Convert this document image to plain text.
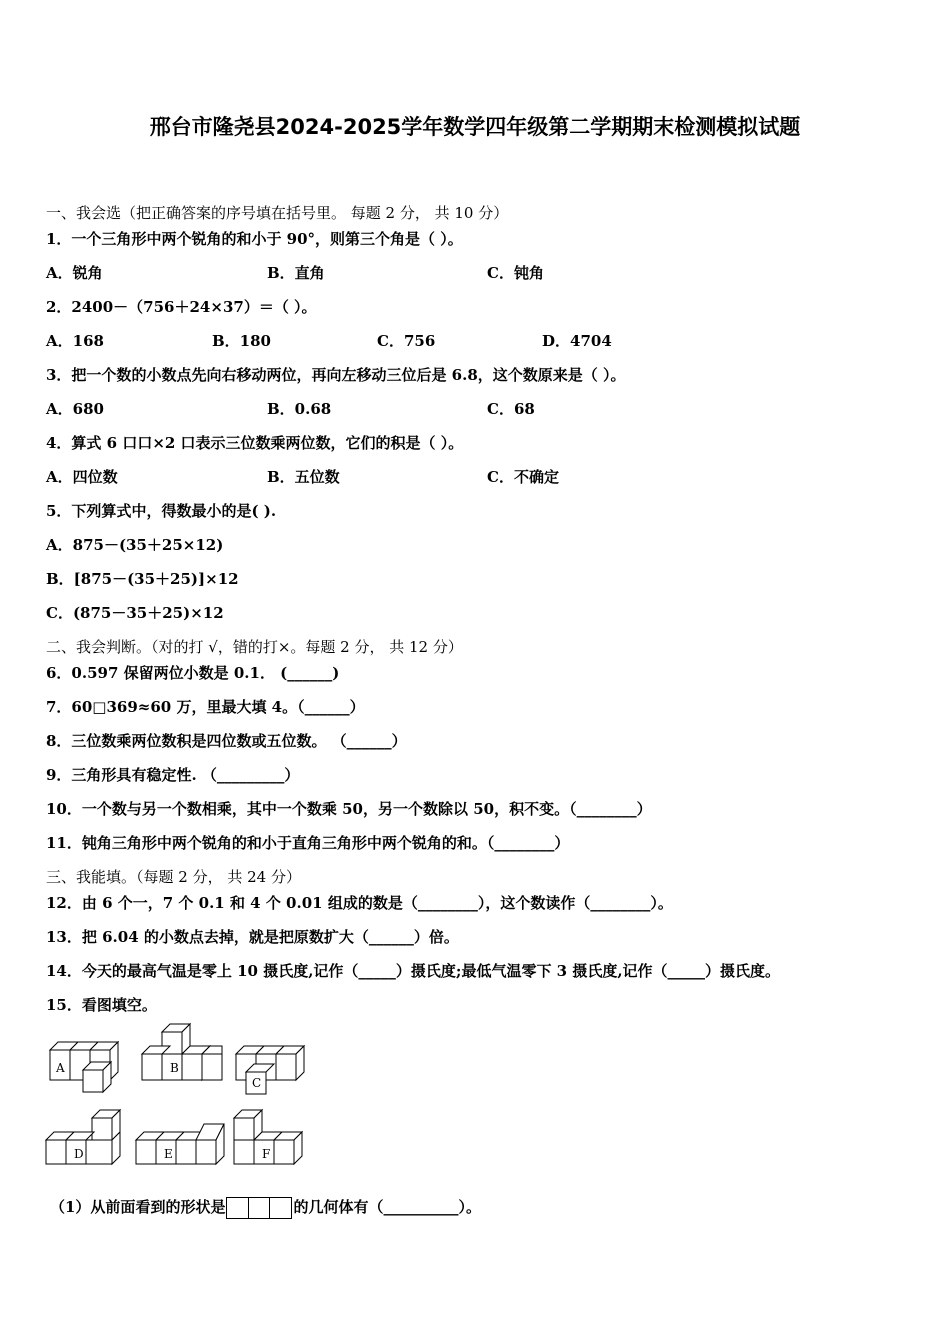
邢台市隆尧县2024-2025学年数学四年级第二学期期末检测模拟试题
一、我会选（把正确答案的序号填在括号里。 每题 2 分， 共 10 分）
1．一个三角形中两个锐角的和小于 90°，则第三个角是（ ）。
A．锐角	B．直角	C．钝角
2．2400－（756＋24×37）＝（ ）。
A．168	B．180	C．756	D．4704
3．把一个数的小数点先向右移动两位，再向左移动三位后是 6.8，这个数原来是（ ）。
A．680	B．0.68	C．68
4．算式 6 口口×2 口表示三位数乘两位数，它们的积是（ ）。
A．四位数	B．五位数	C．不确定
5．下列算式中，得数最小的是( ).
A．875－(35＋25×12)
B．[875－(35＋25)]×12
C．(875－35＋25)×12
二、我会判断。（对的打 √，错的打×。每题 2 分， 共 12 分）
6．0.597 保留两位小数是 0.1． (______)
7．60□369≈60 万，里最大填 4。（______）
8．三位数乘两位数积是四位数或五位数。 （______）
9．三角形具有稳定性. （_________）
10．一个数与另一个数相乘，其中一个数乘 50，另一个数除以 50，积不变。（________）
11．钝角三角形中两个锐角的和小于直角三角形中两个锐角的和。（________）
三、我能填。（每题 2 分， 共 24 分）
12．由 6 个一，7 个 0.1 和 4 个 0.01 组成的数是（________），这个数读作（________）。
13．把 6.04 的小数点去掉，就是把原数扩大（______）倍。
14．今天的最高气温是零上 10 摄氏度,记作（_____）摄氏度;最低气温零下 3 摄氏度,记作（_____）摄氏度。
15．看图填空。
A	B
C
D	E	F
（1）从前面看到的形状是	的几何体有（__________）。
